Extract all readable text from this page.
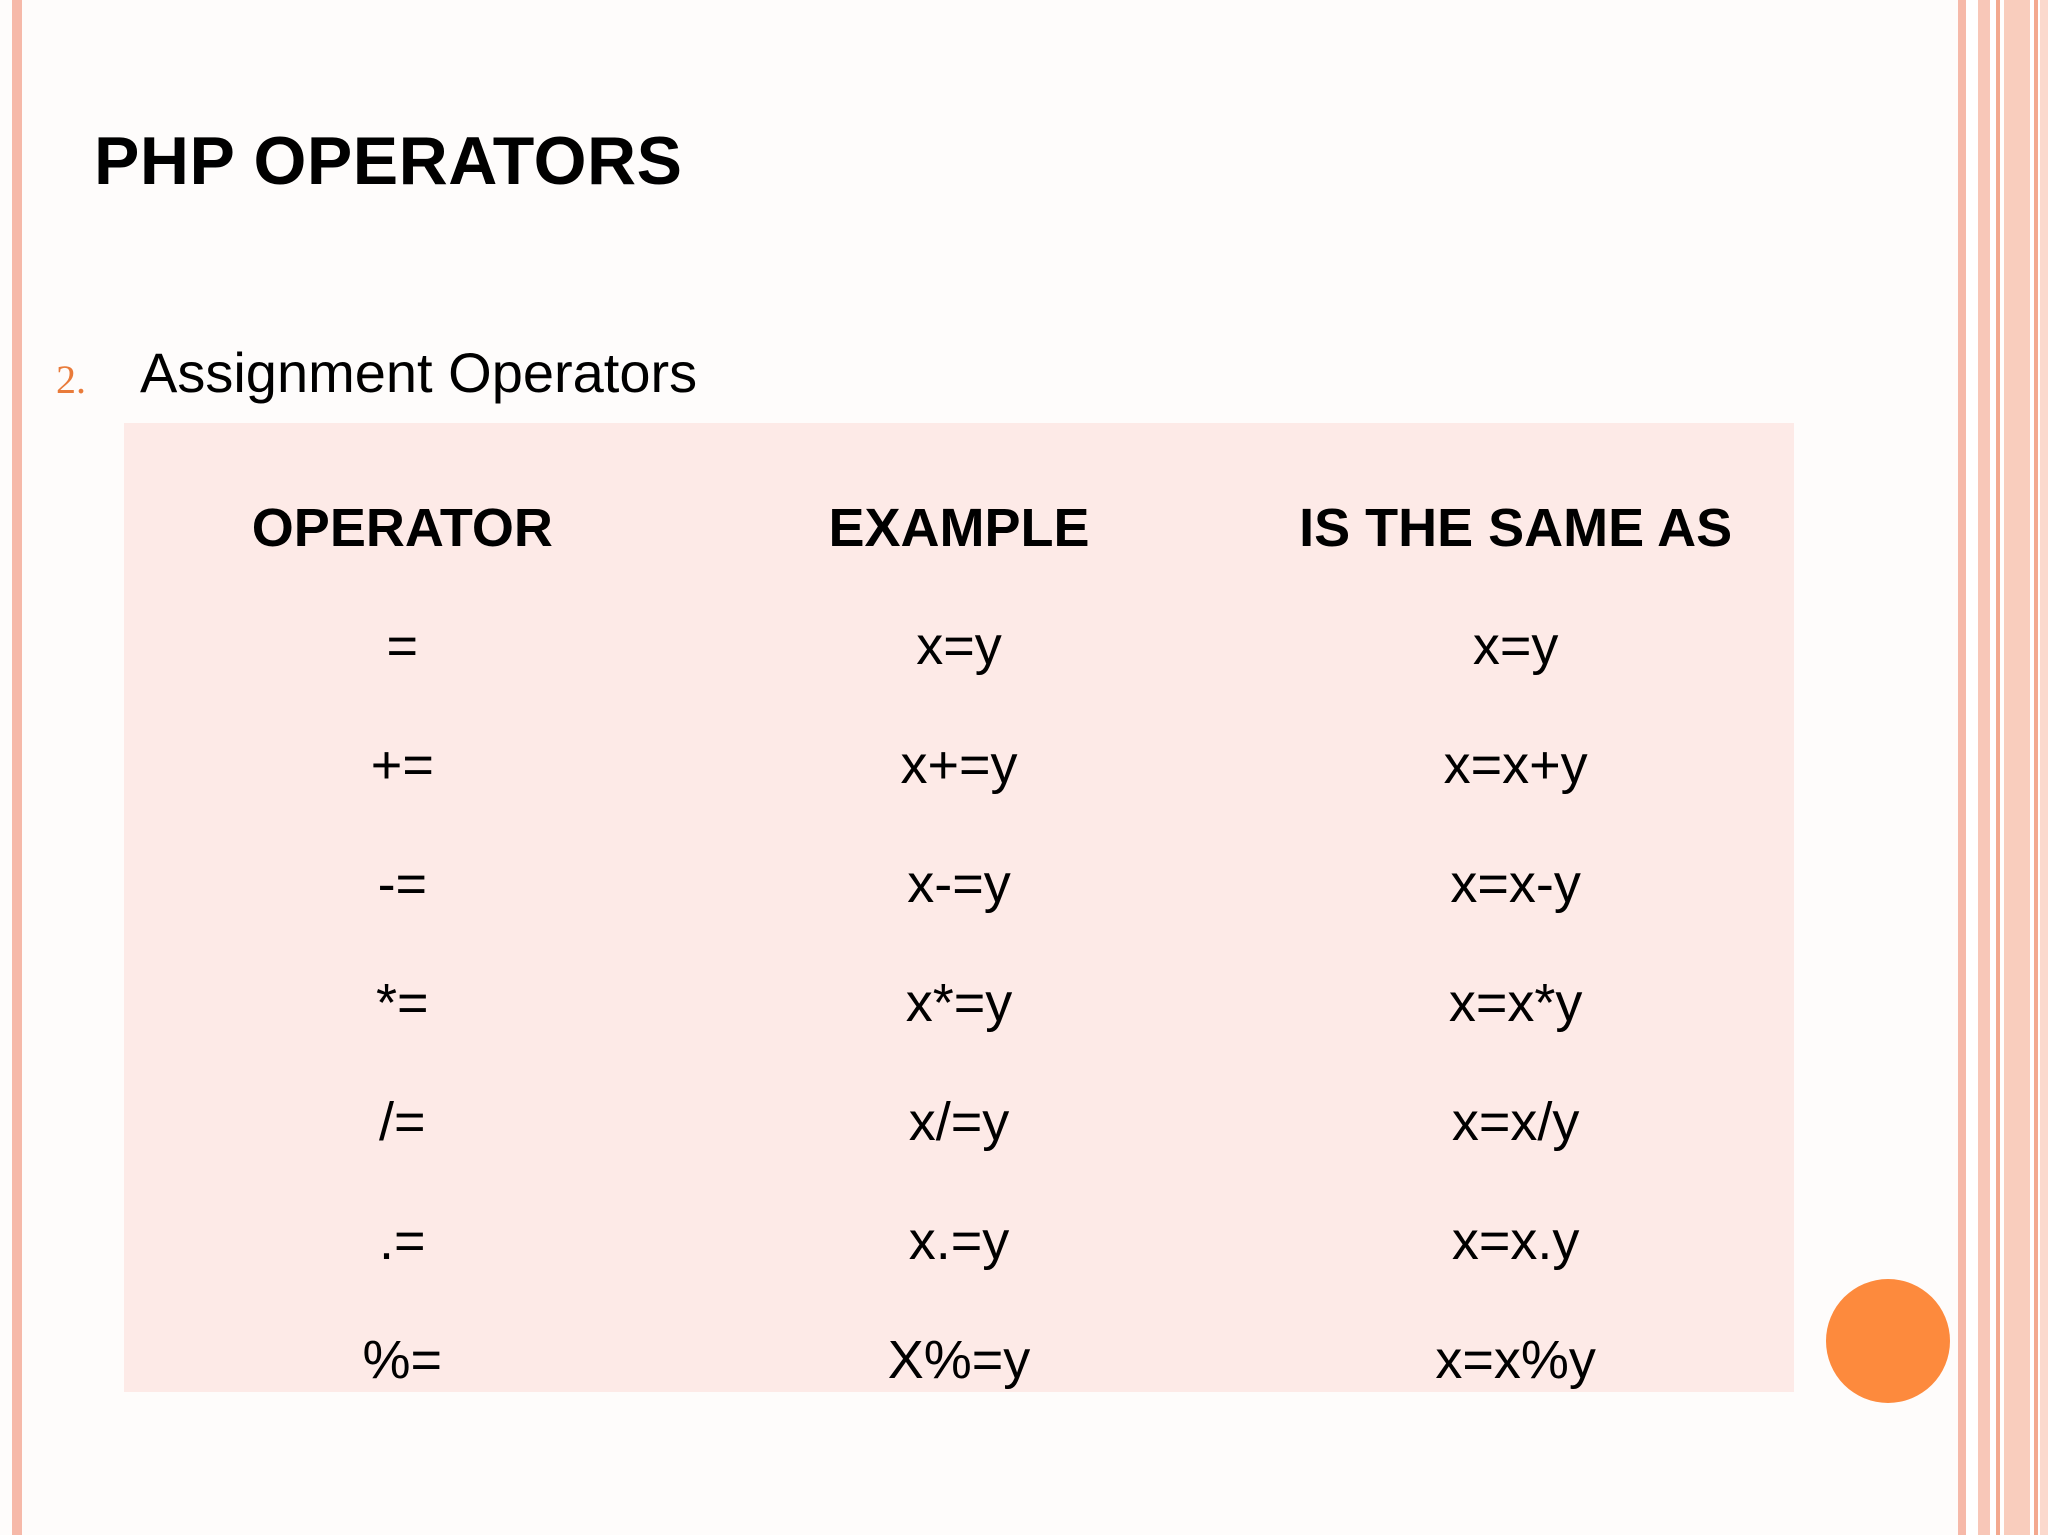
PHP OPERATORS
2. Assignment Operators
OPERATOR	EXAMPLE	IS THE SAME AS
=	x=y	x=y
+=	x+=y	x=x+y
-=	x-=y	x=x-y
*=	x*=y	x=x*y
/=	x/=y	x=x/y
.=	x.=y	x=x.y
%=	X%=y	x=x%y
